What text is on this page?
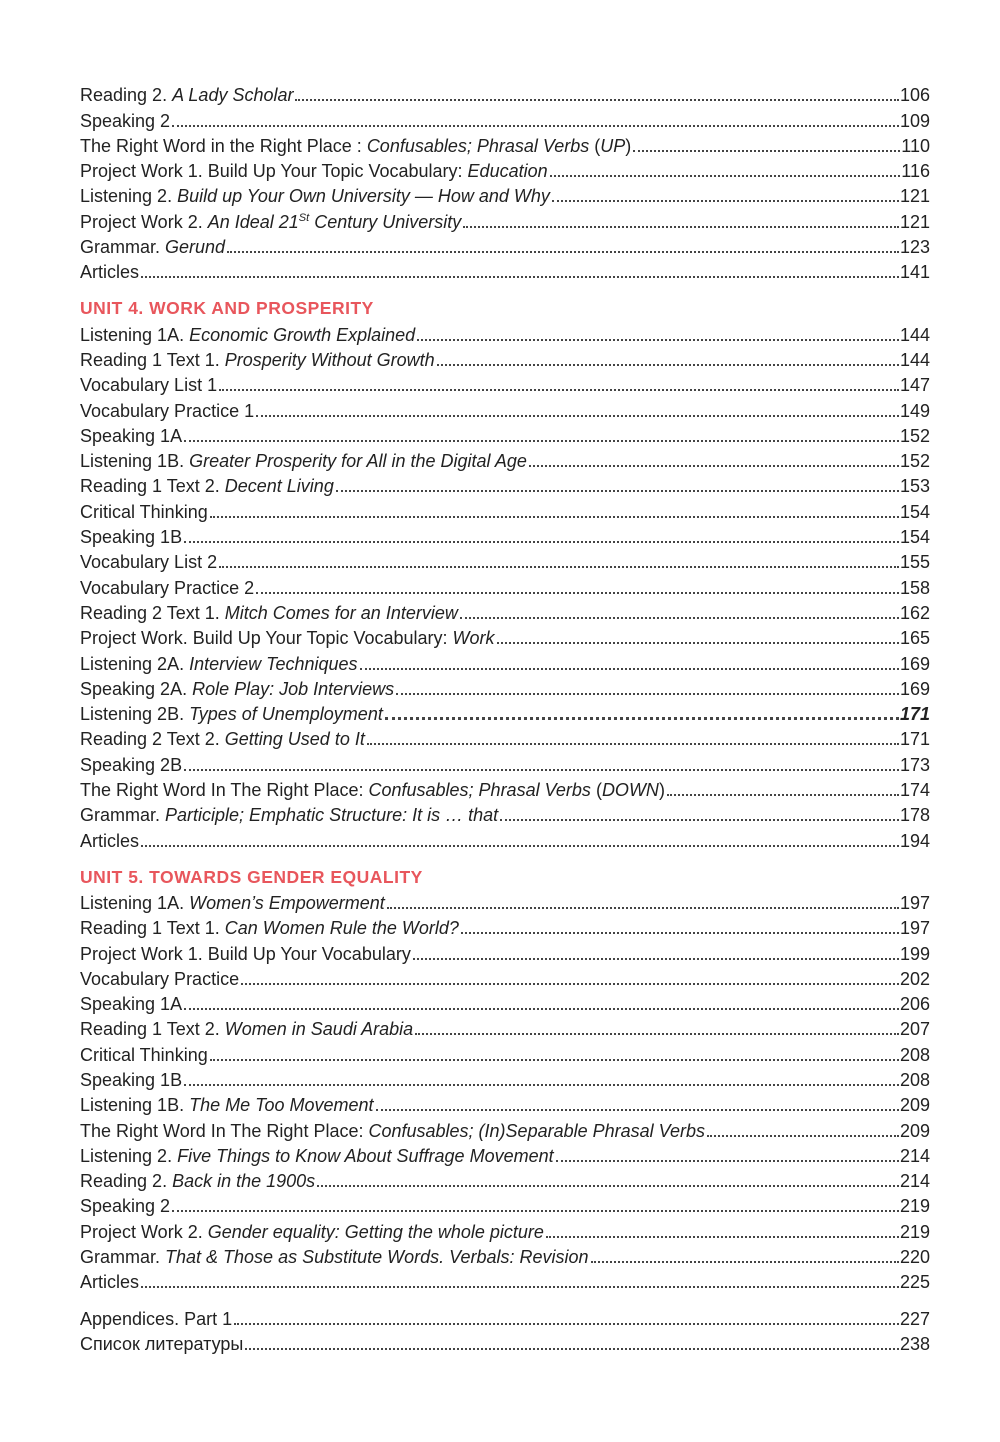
Reading 2. A Lady Scholar	106
Speaking 2	109
The Right Word in the Right Place : Confusables; Phrasal Verbs (UP)	110
Project Work 1. Build Up Your Topic Vocabulary: Education	116
Listening 2. Build up Your Own University — How and Why	121
Project Work 2. An Ideal 21St Century University	121
Grammar. Gerund	123
Articles	141
UNIT 4. WORK AND PROSPERITY
Listening 1A. Economic Growth Explained	144
Reading 1 Text 1. Prosperity Without Growth	144
Vocabulary List 1	147
Vocabulary Practice 1	149
Speaking 1A	152
Listening 1B. Greater Prosperity for All in the Digital Age	152
Reading 1 Text 2. Decent Living	153
Critical Thinking	154
Speaking 1B	154
Vocabulary List 2	155
Vocabulary Practice 2	158
Reading 2 Text 1. Mitch Comes for an Interview	162
Project Work. Build Up Your Topic Vocabulary: Work	165
Listening 2A. Interview Techniques	169
Speaking 2A. Role Play: Job Interviews	169
Listening 2B. Types of Unemployment	171
Reading 2 Text 2. Getting Used to It	171
Speaking 2B	173
The Right Word In The Right Place: Confusables; Phrasal Verbs (DOWN)	174
Grammar. Participle; Emphatic Structure: It is … that	178
Articles	194
UNIT 5. TOWARDS GENDER EQUALITY
Listening 1A. Women’s Empowerment	197
Reading 1 Text 1. Can Women Rule the World?	197
Project Work 1. Build Up Your Vocabulary	199
Vocabulary Practice	202
Speaking 1A	206
Reading 1 Text 2. Women in Saudi Arabia	207
Critical Thinking	208
Speaking 1B	208
Listening 1B. The Me Too Movement	209
The Right Word In The Right Place: Confusables; (In)Separable Phrasal Verbs	209
Listening 2. Five Things to Know About Suffrage Movement	214
Reading 2. Back in the 1900s	214
Speaking 2	219
Project Work 2. Gender equality: Getting the whole picture	219
Grammar. That & Those as Substitute Words. Verbals: Revision	220
Articles	225
Appendices. Part 1	227
Список литературы	238
